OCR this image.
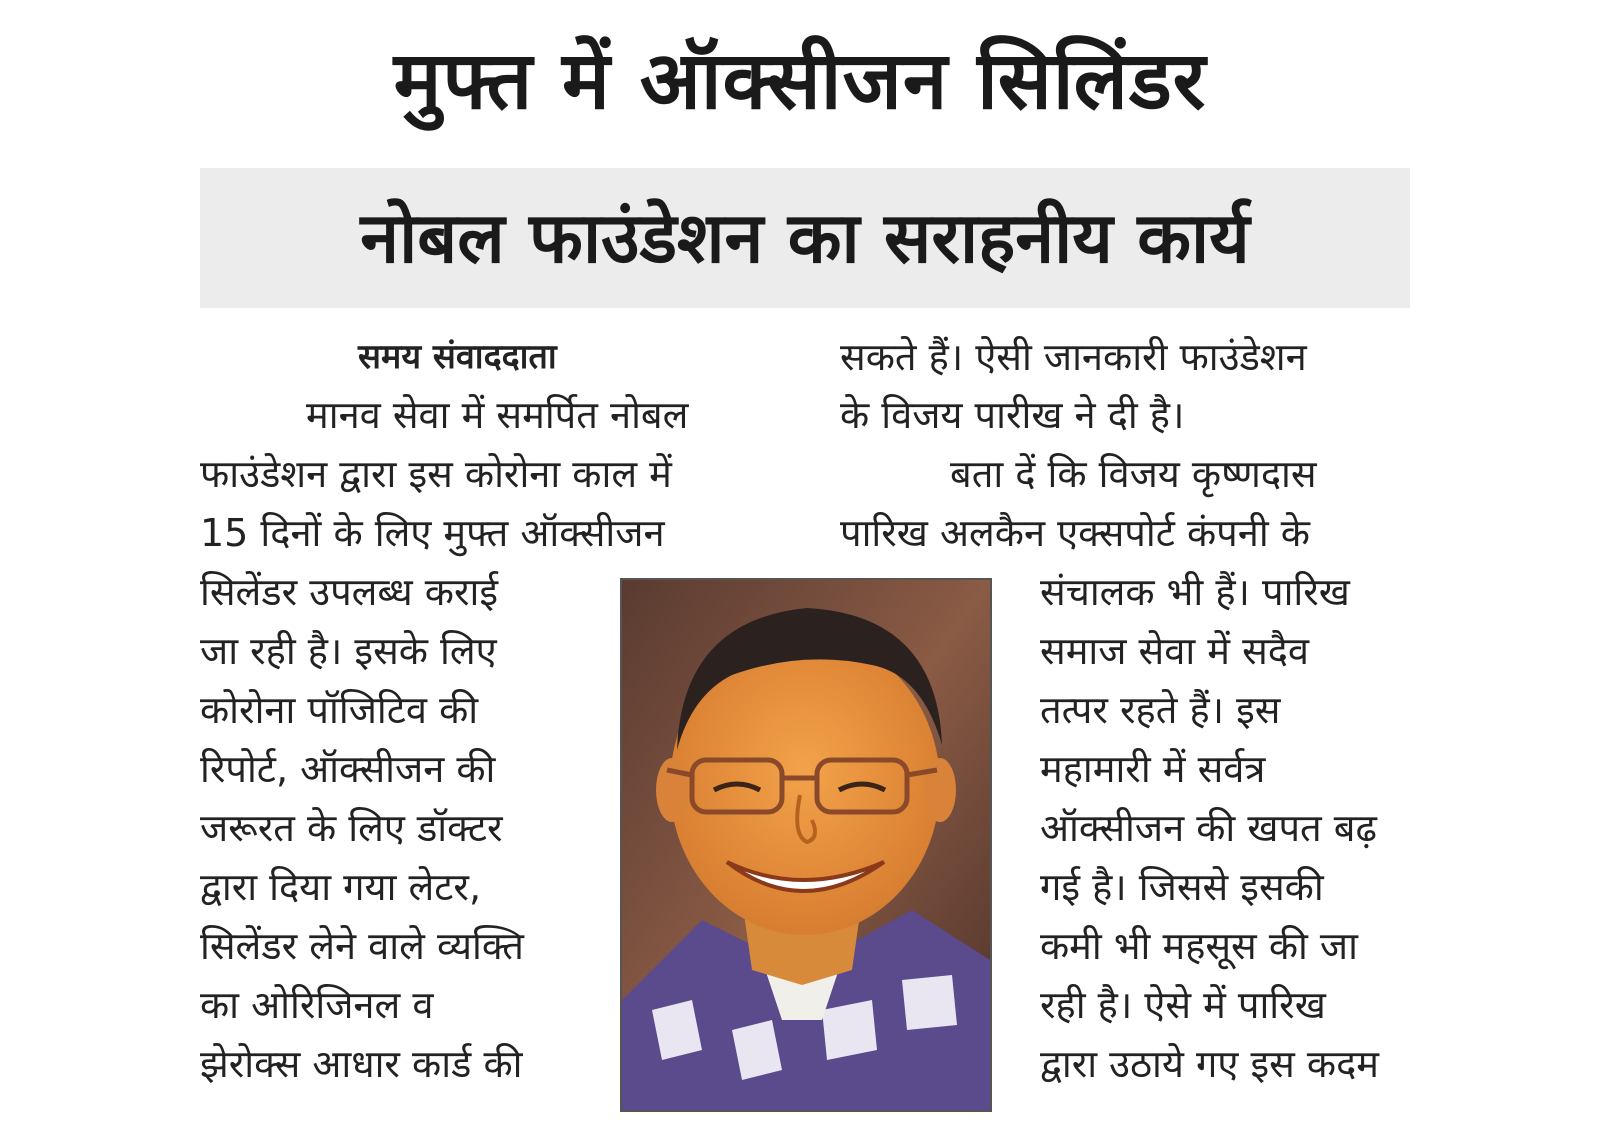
मुफ्त में ऑक्सीजन सिलिंडर
नोबल फाउंडेशन का सराहनीय कार्य
समय संवाददाता
मानव सेवा में समर्पित नोबल
फाउंडेशन द्वारा इस कोरोना काल में
15 दिनों के लिए मुफ्त ऑक्सीजन
सिलेंडर उपलब्ध कराई
जा रही है। इसके लिए
कोरोना पॉजिटिव की
रिपोर्ट, ऑक्सीजन की
जरूरत के लिए डॉक्टर
द्वारा दिया गया लेटर,
सिलेंडर लेने वाले व्यक्ति
का ओरिजिनल व
झेरोक्स आधार कार्ड की
सकते हैं। ऐसी जानकारी फाउंडेशन
के विजय पारीख ने दी है।
बता दें कि विजय कृष्णदास
पारिख अलकैन एक्सपोर्ट कंपनी के
संचालक भी हैं। पारिख
समाज सेवा में सदैव
तत्पर रहते हैं। इस
महामारी में सर्वत्र
ऑक्सीजन की खपत बढ़
गई है। जिससे इसकी
कमी भी महसूस की जा
रही है। ऐसे में पारिख
द्वारा उठाये गए इस कदम
